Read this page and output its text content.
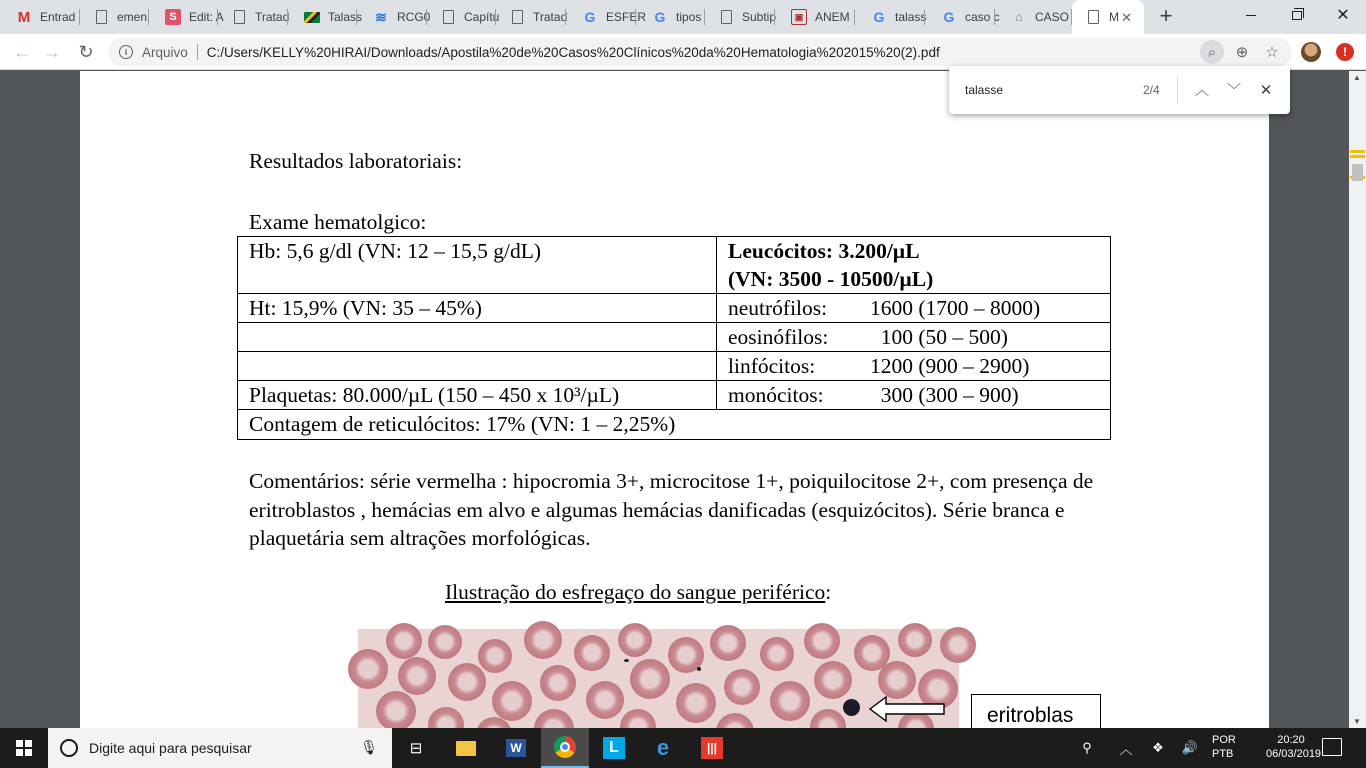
M Entrad	emen	S	Edit: A	Tratad	Talass ≋ RCG0	Capítu	Tratad G ESFER G tipos	Subtip	▣ ANEM G talass G caso c	⌂	CASO	M ✕ +	✕
← → ↻	i	Arquivo C:/Users/KELLY%20HIRAI/Downloads/Apostila%20de%20Casos%20Clínicos%20da%20Hematologia%202015%20(2).pdf	⌕	⊕	☆	!
Resultados laboratoriais:
Exame hematolgico:
Hb: 5,6 g/dl (VN: 12 – 15,5 g/dL)	Leucócitos: 3.200/µL
(VN: 3500 - 10500/µL)

Ht: 15,9% (VN: 35 – 45%)	neutrófilos: 1600 (1700 – 8000)
	eosinófilos:  100 (50 – 500)
	linfócitos: 1200 (900 – 2900)
Plaquetas: 80.000/µL (150 – 450 x 10³/µL)	monócitos:  300 (300 – 900)
Contagem de reticulócitos: 17% (VN: 1 – 2,25%)	
Comentários: série vermelha : hipocromia 3+, microcitose 1+, poiquilocitose 2+, com presença de eritroblastos , hemácias em alvo e algumas hemácias danificadas (esquizócitos). Série branca e plaquetária sem altrações morfológicas.
Ilustração do esfregaço do sangue periférico:
eritroblas
▲
▼
talasse	2/4	︿ ﹀ ✕
Digite aqui para pesquisar	🎙 ⊟	W	L e	|||	⚲	︿	❖	🔊	POR
PTB
20:20
06/03/2019
